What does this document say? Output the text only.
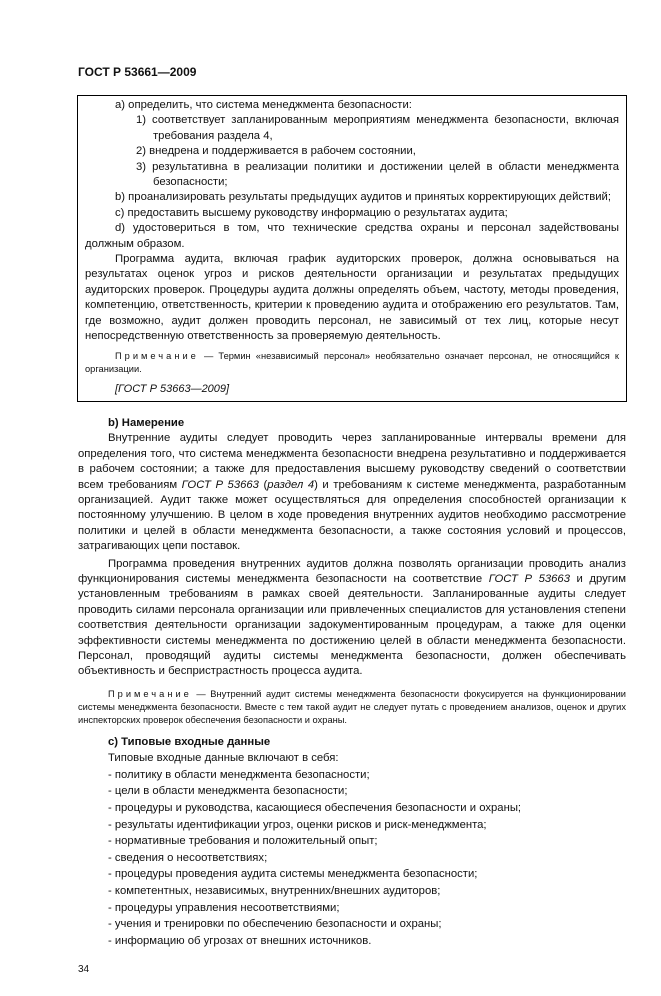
ГОСТ Р 53661—2009

а) определить, что система менеджмента безопасности:

1) соответствует запланированным мероприятиям менеджмента безопасности, включая требования раздела 4,

2) внедрена и поддерживается в рабочем состоянии,

3) результативна в реализации политики и достижении целей в области менеджмента безопасности;

b) проанализировать результаты предыдущих аудитов и принятых корректирующих действий;

с) предоставить высшему руководству информацию о результатах аудита;

d) удостовериться в том, что технические средства охраны и персонал задействованы должным образом.

Программа аудита, включая график аудиторских проверок, должна основываться на результатах оценок угроз и рисков деятельности организации и результатах предыдущих аудиторских проверок. Процедуры аудита должны определять объем, частоту, методы проведения, компетенцию, ответственность, критерии к проведению аудита и отображению его результатов. Там, где возможно, аудит должен проводить персонал, не зависимый от тех лиц, которые несут непосредственную ответственность за проверяемую деятельность.

Примечание — Термин «независимый персонал» необязательно означает персонал, не относящийся к организации.

[ГОСТ Р 53663—2009]

b) Намерение

Внутренние аудиты следует проводить через запланированные интервалы времени для определения того, что система менеджмента безопасности внедрена результативно и поддерживается в рабочем состоянии; а также для предоставления высшему руководству сведений о соответствии всем требованиям ГОСТ Р 53663 (раздел 4) и требованиям к системе менеджмента, разработанным организацией. Аудит также может осуществляться для определения способностей организации к постоянному улучшению. В целом в ходе проведения внутренних аудитов необходимо рассмотрение политики и целей в области менеджмента безопасности, а также состояния условий и процессов, затрагивающих цепи поставок.

Программа проведения внутренних аудитов должна позволять организации проводить анализ функционирования системы менеджмента безопасности на соответствие ГОСТ Р 53663 и другим установленным требованиям в рамках своей деятельности. Запланированные аудиты следует проводить силами персонала организации или привлеченных специалистов для установления степени соответствия деятельности организации задокументированным процедурам, а также для оценки эффективности системы менеджмента по достижению целей в области менеджмента безопасности. Персонал, проводящий аудиты системы менеджмента безопасности, должен обеспечивать объективность и беспристрастность процесса аудита.

Примечание — Внутренний аудит системы менеджмента безопасности фокусируется на функционировании системы менеджмента безопасности. Вместе с тем такой аудит не следует путать с проведением анализов, оценок и других инспекторских проверок обеспечения безопасности и охраны.

с) Типовые входные данные

Типовые входные данные включают в себя:

- политику в области менеджмента безопасности;

- цели в области менеджмента безопасности;

- процедуры и руководства, касающиеся обеспечения безопасности и охраны;

- результаты идентификации угроз, оценки рисков и риск-менеджмента;

- нормативные требования и положительный опыт;

- сведения о несоответствиях;

- процедуры проведения аудита системы менеджмента безопасности;

- компетентных, независимых, внутренних/внешних аудиторов;

- процедуры управления несоответствиями;

- учения и тренировки по обеспечению безопасности и охраны;

- информацию об угрозах от внешних источников.

34
